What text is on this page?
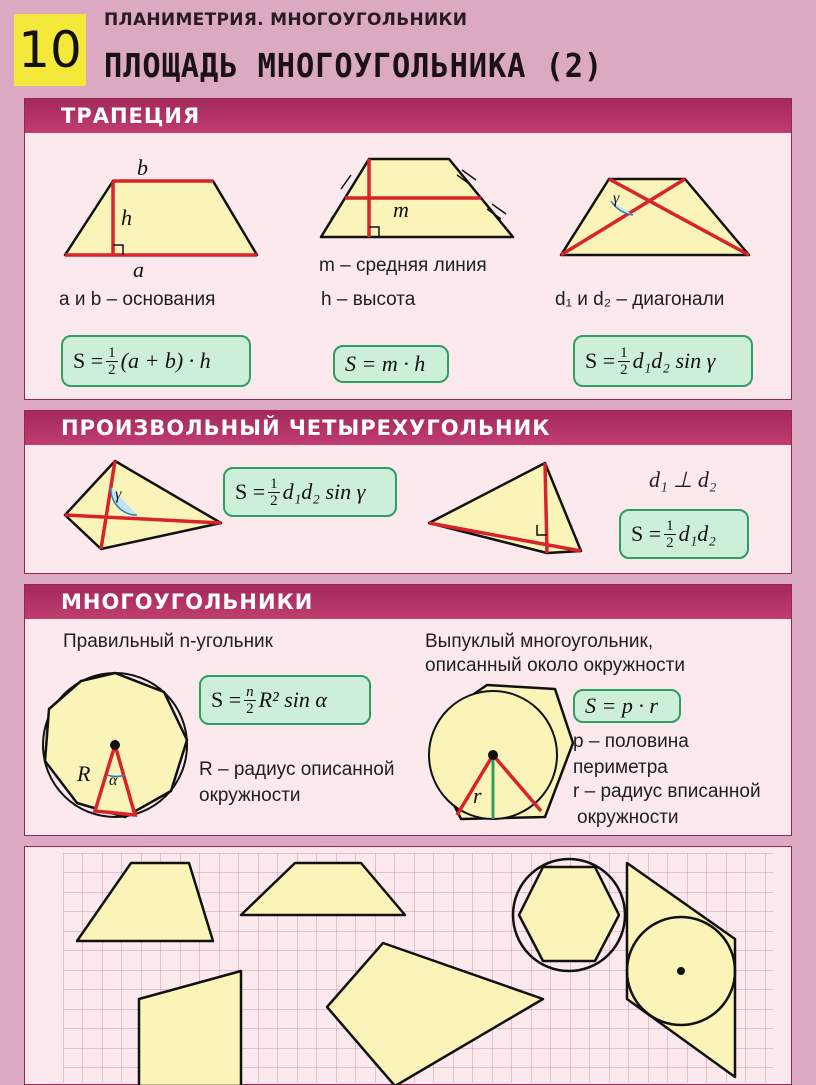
10
ПЛАНИМЕТРИЯ. МНОГОУГОЛЬНИКИ
ПЛОЩАДЬ МНОГОУГОЛЬНИКА (2)
ТРАПЕЦИЯ
b
h
a
m	γ
m – средняя линия
a и b – основания	h – высота	d₁ и d₂ – диагонали
$S = \frac{1}{2} (a + b) \cdot h$	S = m · h	$S = \frac{1}{2} d_1d_2$ sin γ
ПРОИЗВОЛЬНЫЙ ЧЕТЫРЕХУГОЛЬНИК
γ	$S = \frac{1}{2} d_1d_2$ sin γ	d₁ ⊥ d₂
$S = \frac{1}{2} d_1d_2$
МНОГОУГОЛЬНИКИ
Правильный n-угольник	Выпуклый многоугольник,
описанный около окружности
R α
r
$S = \frac{n}{2} R^2$ sin α
R – радиус описанной
окружности
S = p · r
p – половина
периметра
r – радиус вписанной
окружности
